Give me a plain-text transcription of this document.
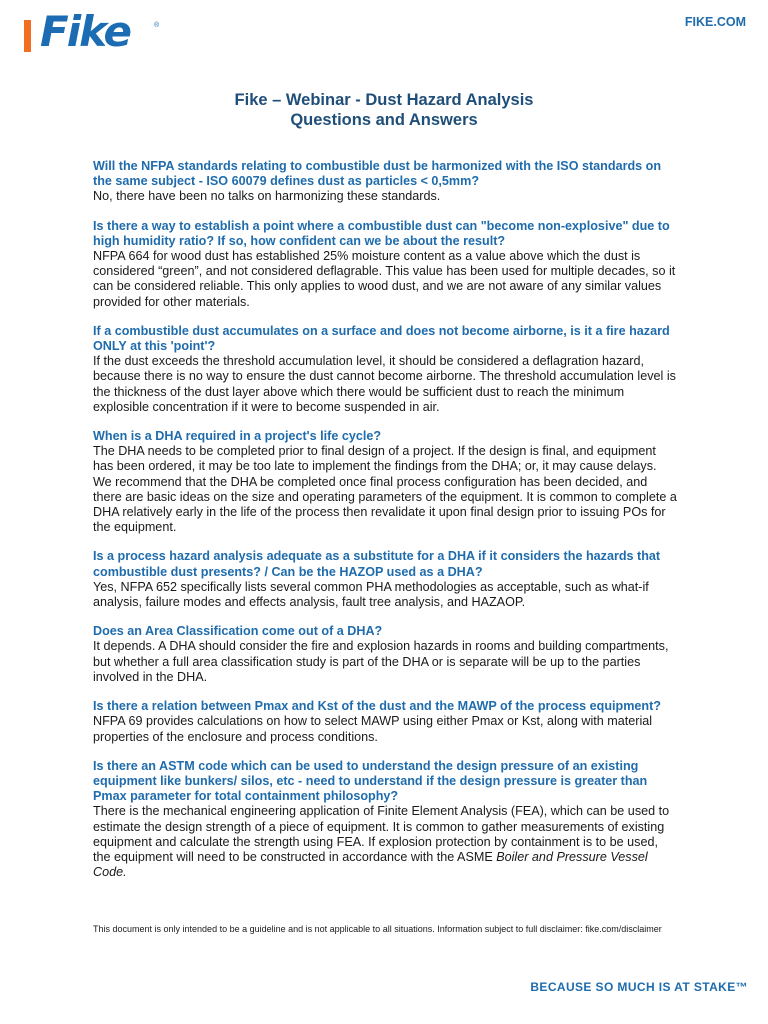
Fike	®	FIKE.COM
Fike – Webinar - Dust Hazard Analysis
Questions and Answers

Will the NFPA standards relating to combustible dust be harmonized with the ISO standards on the same subject - ISO 60079 defines dust as particles < 0,5mm?

No, there have been no talks on harmonizing these standards.

Is there a way to establish a point where a combustible dust can "become non-explosive" due to high humidity ratio? If so, how confident can we be about the result?

NFPA 664 for wood dust has established 25% moisture content as a value above which the dust is considered “green”, and not considered deflagrable. This value has been used for multiple decades, so it can be considered reliable. This only applies to wood dust, and we are not aware of any similar values provided for other materials.

If a combustible dust accumulates on a surface and does not become airborne, is it a fire hazard ONLY at this 'point'?

If the dust exceeds the threshold accumulation level, it should be considered a deflagration hazard, because there is no way to ensure the dust cannot become airborne. The threshold accumulation level is the thickness of the dust layer above which there would be sufficient dust to reach the minimum explosible concentration if it were to become suspended in air.

When is a DHA required in a project's life cycle?

The DHA needs to be completed prior to final design of a project. If the design is final, and equipment has been ordered, it may be too late to implement the findings from the DHA; or, it may cause delays. We recommend that the DHA be completed once final process configuration has been decided, and there are basic ideas on the size and operating parameters of the equipment. It is common to complete a DHA relatively early in the life of the process then revalidate it upon final design prior to issuing POs for the equipment.

Is a process hazard analysis adequate as a substitute for a DHA if it considers the hazards that combustible dust presents? / Can be the HAZOP used as a DHA?

Yes, NFPA 652 specifically lists several common PHA methodologies as acceptable, such as what-if analysis, failure modes and effects analysis, fault tree analysis, and HAZAOP.

Does an Area Classification come out of a DHA?

It depends. A DHA should consider the fire and explosion hazards in rooms and building compartments, but whether a full area classification study is part of the DHA or is separate will be up to the parties involved in the DHA.

Is there a relation between Pmax and Kst of the dust and the MAWP of the process equipment?

NFPA 69 provides calculations on how to select MAWP using either Pmax or Kst, along with material properties of the enclosure and process conditions.

Is there an ASTM code which can be used to understand the design pressure of an existing equipment like bunkers/ silos, etc - need to understand if the design pressure is greater than Pmax parameter for total containment philosophy?

There is the mechanical engineering application of Finite Element Analysis (FEA), which can be used to estimate the design strength of a piece of equipment. It is common to gather measurements of existing equipment and calculate the strength using FEA. If explosion protection by containment is to be used, the equipment will need to be constructed in accordance with the ASME Boiler and Pressure Vessel Code.

This document is only intended to be a guideline and is not applicable to all situations. Information subject to full disclaimer: fike.com/disclaimer
BECAUSE SO MUCH IS AT STAKE™
